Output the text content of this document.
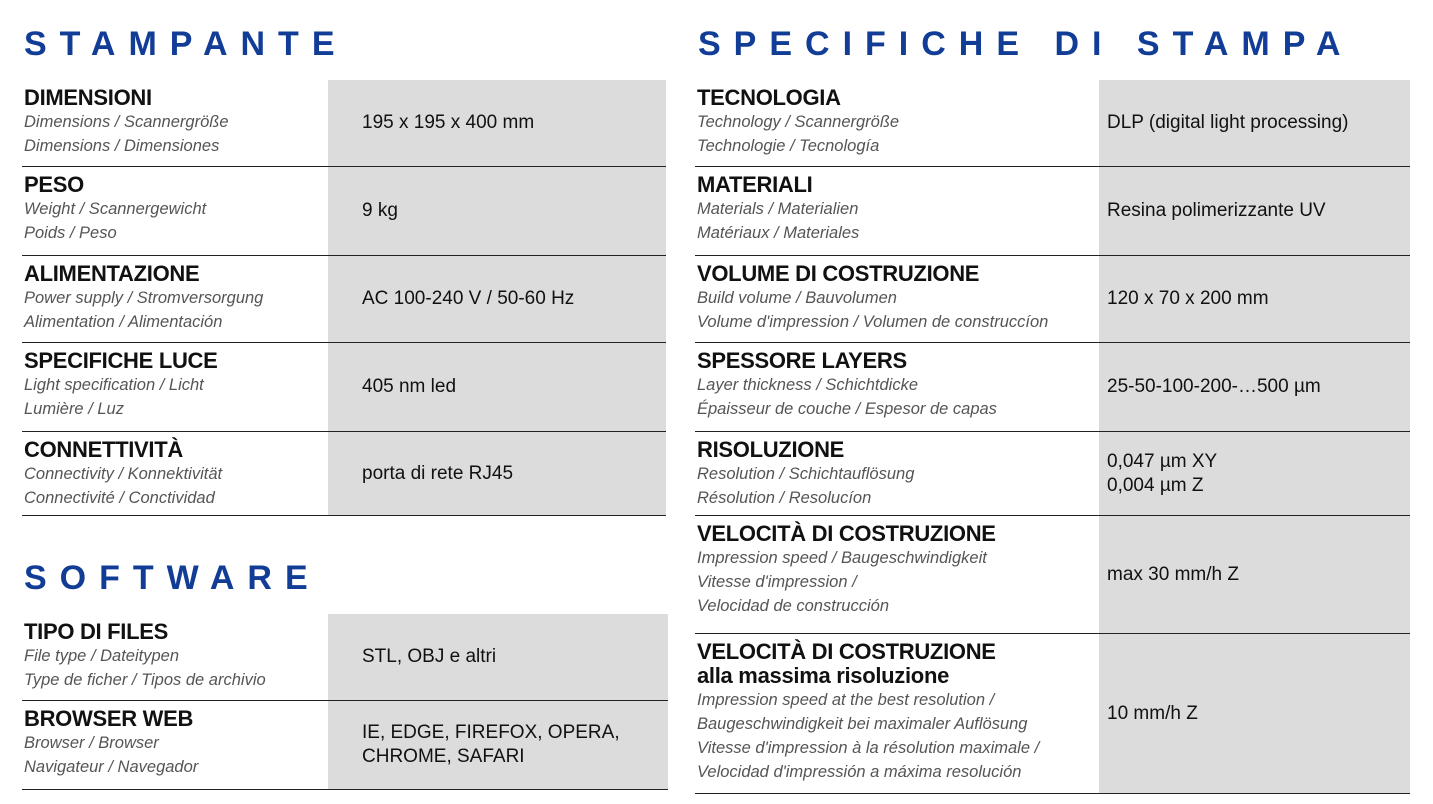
STAMPANTE
SOFTWARE
SPECIFICHE DI STAMPA
DIMENSIONI
Dimensions / Scannergröße
Dimensions / Dimensiones
195 x 195 x 400 mm
PESO
Weight / Scannergewicht
Poids / Peso
9 kg
ALIMENTAZIONE
Power supply / Stromversorgung
Alimentation / Alimentación
AC 100-240 V / 50-60 Hz
SPECIFICHE LUCE
Light specification / Licht
Lumière / Luz
405 nm led
CONNETTIVITÀ
Connectivity / Konnektivität
Connectivité / Conctividad
porta di rete RJ45
TIPO DI FILES
File type / Dateitypen
Type de ficher / Tipos de archivio
STL, OBJ e altri
BROWSER WEB
Browser / Browser
Navigateur / Navegador
IE, EDGE, FIREFOX, OPERA,
CHROME, SAFARI
TECNOLOGIA
Technology / Scannergröße
Technologie / Tecnología
DLP (digital light processing)
MATERIALI
Materials / Materialien
Matériaux / Materiales
Resina polimerizzante UV
VOLUME DI COSTRUZIONE
Build volume / Bauvolumen
Volume d'impression / Volumen de construccíon
120 x 70 x 200 mm
SPESSORE LAYERS
Layer thickness / Schichtdicke
Épaisseur de couche / Espesor de capas
25-50-100-200-…500 µm
RISOLUZIONE
Resolution / Schichtauflösung
Résolution / Resolucíon
0,047 µm XY
0,004 µm Z
VELOCITÀ DI COSTRUZIONE
Impression speed / Baugeschwindigkeit
Vitesse d'impression /
Velocidad de construcción
max 30 mm/h Z
VELOCITÀ DI COSTRUZIONE
alla massima risoluzione
Impression speed at the best resolution /
Baugeschwindigkeit bei maximaler Auflösung
Vitesse d'impression à la résolution maximale /
Velocidad d'impressión a máxima resolución
10 mm/h Z
